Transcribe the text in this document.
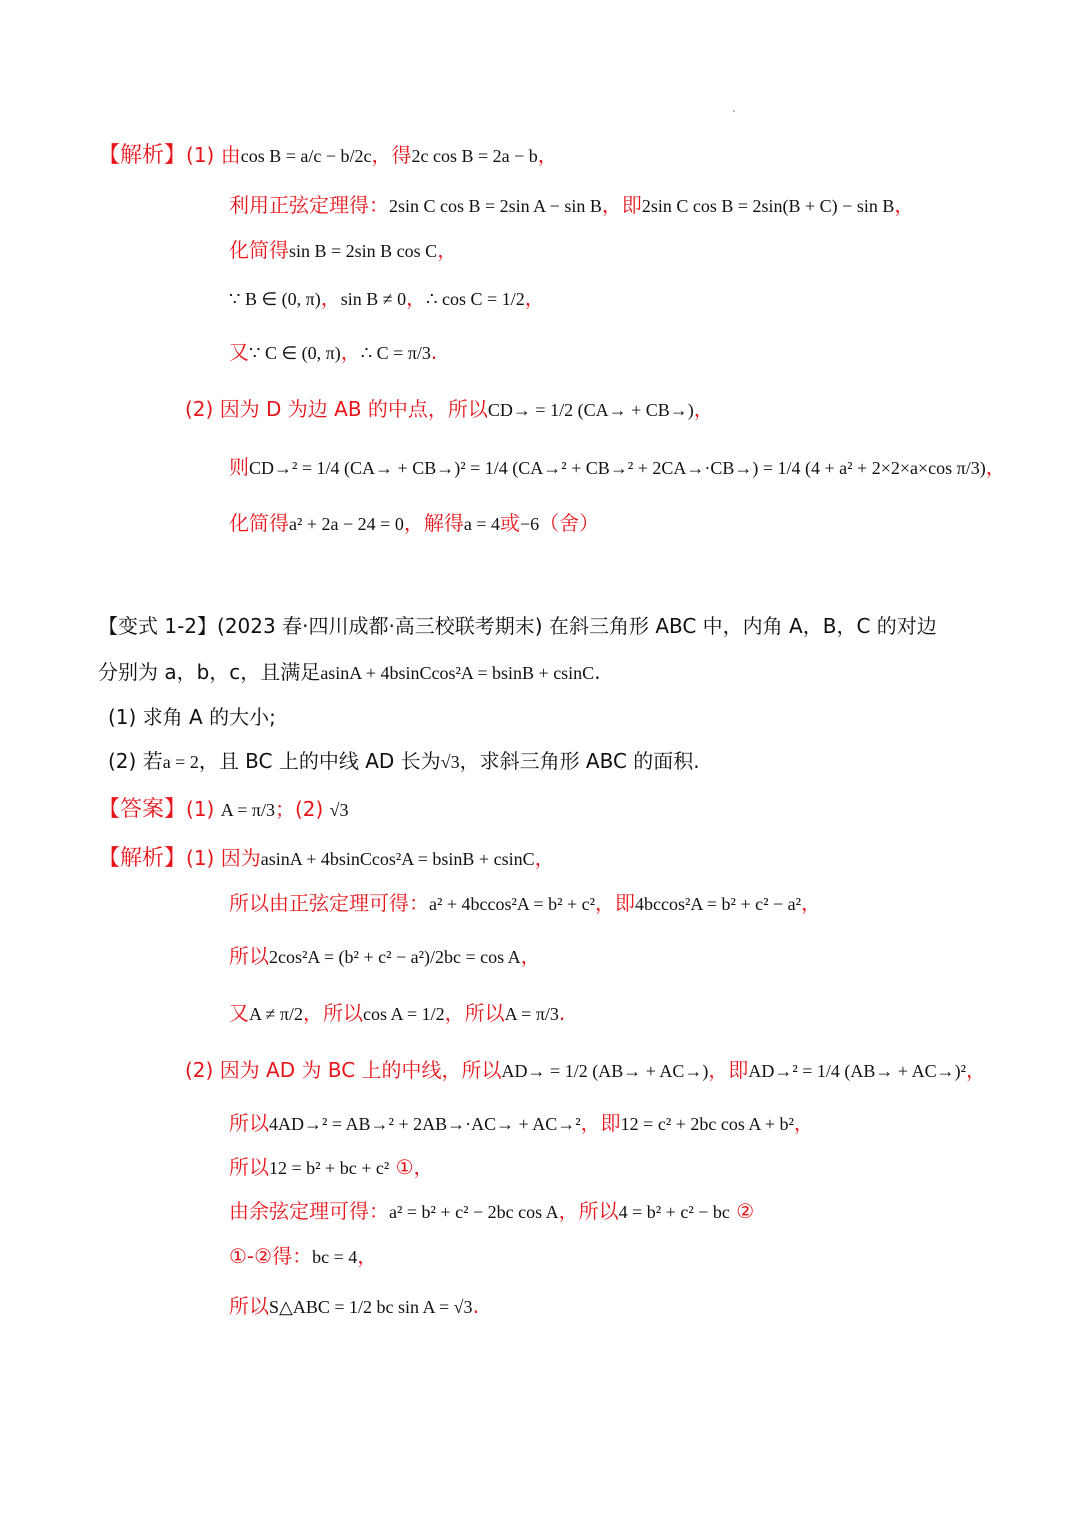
【解析】(1) 由cos B = a/c − b/2c，得2c cos B = 2a − b，
利用正弦定理得：2sin C cos B = 2sin A − sin B，即2sin C cos B = 2sin(B + C) − sin B，
化简得sin B = 2sin B cos C，
∵ B ∈ (0, π)，sin B ≠ 0，∴ cos C = 1/2，
又∵ C ∈ (0, π)，∴ C = π/3.
(2) 因为 D 为边 AB 的中点，所以CD→ = 1/2 (CA→ + CB→)，
则CD→² = 1/4 (CA→ + CB→)² = 1/4 (CA→² + CB→² + 2CA→·CB→) = 1/4 (4 + a² + 2×2×a×cos π/3)，
化简得a² + 2a − 24 = 0，解得a = 4或−6（舍）
【变式 1-2】(2023 春·四川成都·高三校联考期末) 在斜三角形 ABC 中，内角 A，B，C 的对边
分别为 a，b，c，且满足asinA + 4bsinCcos²A = bsinB + csinC.
(1) 求角 A 的大小;
(2) 若a = 2，且 BC 上的中线 AD 长为√3，求斜三角形 ABC 的面积.
【答案】(1) A = π/3；(2) √3
【解析】(1) 因为asinA + 4bsinCcos²A = bsinB + csinC，
所以由正弦定理可得：a² + 4bccos²A = b² + c²，即4bccos²A = b² + c² − a²，
所以2cos²A = (b² + c² − a²)/2bc = cos A，
又A ≠ π/2，所以cos A = 1/2，所以A = π/3.
(2) 因为 AD 为 BC 上的中线，所以AD→ = 1/2 (AB→ + AC→)，即AD→² = 1/4 (AB→ + AC→)²，
所以4AD→² = AB→² + 2AB→·AC→ + AC→²，即12 = c² + 2bc cos A + b²，
所以12 = b² + bc + c² ①，
由余弦定理可得：a² = b² + c² − 2bc cos A，所以4 = b² + c² − bc ②
①-②得：bc = 4，
所以S△ABC = 1/2 bc sin A = √3.
